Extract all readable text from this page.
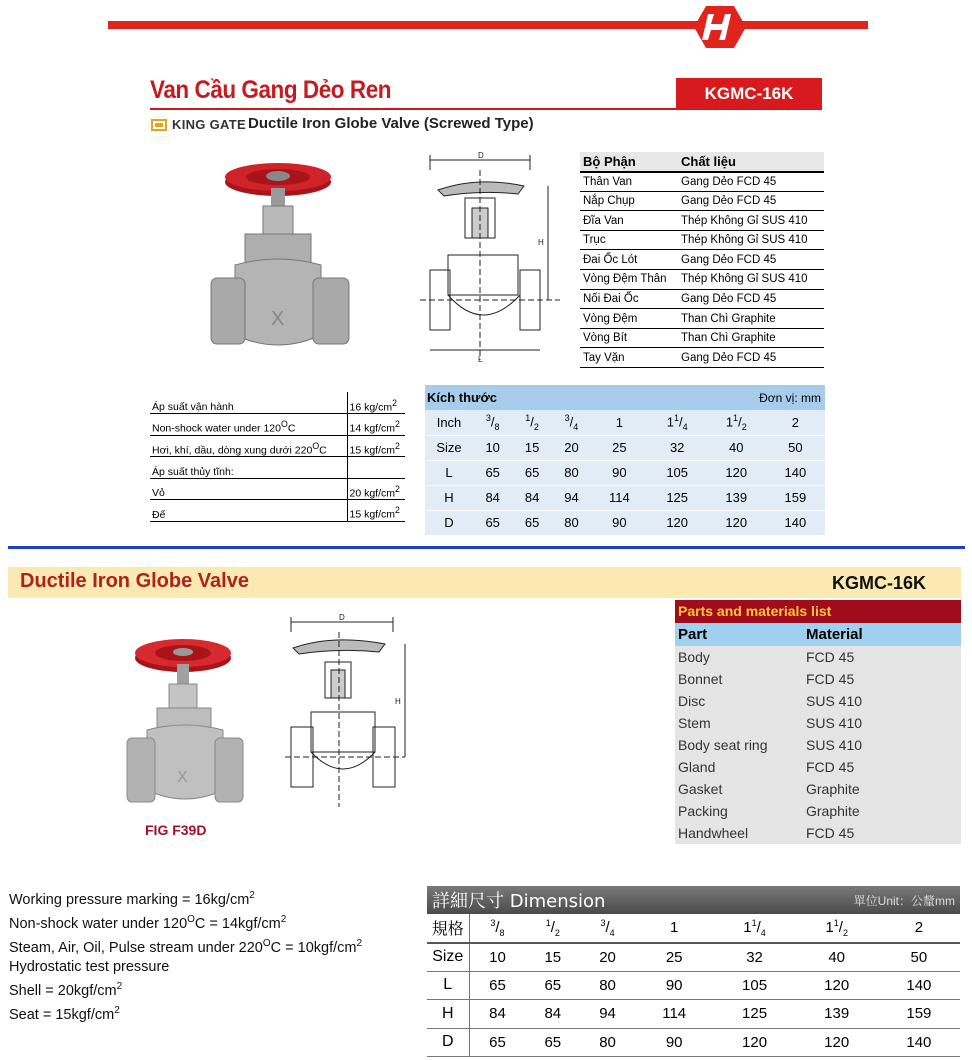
Van Cầu Gang Dẻo Ren	KGMC-16K
KING GATE Ductile Iron Globe Valve (Screwed Type)
X
D
L
H
Bộ Phận	Chất liệu
Thân Van	Gang Dẻo FCD 45
Nắp Chụp	Gang Dẻo FCD 45
Đĩa Van	Thép Không Gỉ SUS 410
Trục	Thép Không Gỉ SUS 410
Đai Ốc Lót	Gang Dẻo FCD 45
Vòng Đệm Thân	Thép Không Gỉ SUS 410
Nối Đai Ốc	Gang Dẻo FCD 45
Vòng Đệm	Than Chì Graphite
Vòng Bít	Than Chì Graphite
Tay Vặn	Gang Dẻo FCD 45
Áp suất vận hành	16 $kg/cm^2$
Non-shock water under $120^OC$	14 kgf/$cm^2$
Hơi, khí, dầu, dòng xung dưới $220^OC$	15 kgf/$cm^2$
Áp suất thủy tĩnh:	
Vỏ	20 kgf/$cm^2$
Đế	15 kgf/$cm^2$
Kích thước	Đơn vị: mm
Inch	$^3/_8$	$^1/_2$	$^3/_4$	1	$1^1/_4$	$1^1/_2$	2
Size	10	15	20	25	32	40	50
L	65	65	80	90	105	120	140
H	84	84	94	114	125	139	159
D	65	65	80	90	120	120	140
Ductile Iron Globe Valve	KGMC-16K
X
FIG F39D
D
H
Parts and materials list
Part	Material
Body	FCD 45
Bonnet	FCD 45
Disc	SUS 410
Stem	SUS 410
Body seat ring	SUS 410
Gland	FCD 45
Gasket	Graphite
Packing	Graphite
Handwheel	FCD 45
Working pressure marking = $16kg/cm^2$
Non-shock water under $120^OC = 14kgf/cm^2$
Steam, Air, Oil, Pulse stream under $220^OC = 10kgf/cm^2$
Hydrostatic test pressure
Shell = $20kgf/cm^2$
Seat = $15kgf/cm^2$
詳細尺寸 Dimension	單位Unit：公釐mm
規格	$^3/_8$	$^1/_2$	$^3/_4$	1	$1^1/_4$	$1^1/_2$	2
Size	10	15	20	25	32	40	50
L	65	65	80	90	105	120	140
H	84	84	94	114	125	139	159
D	65	65	80	90	120	120	140
